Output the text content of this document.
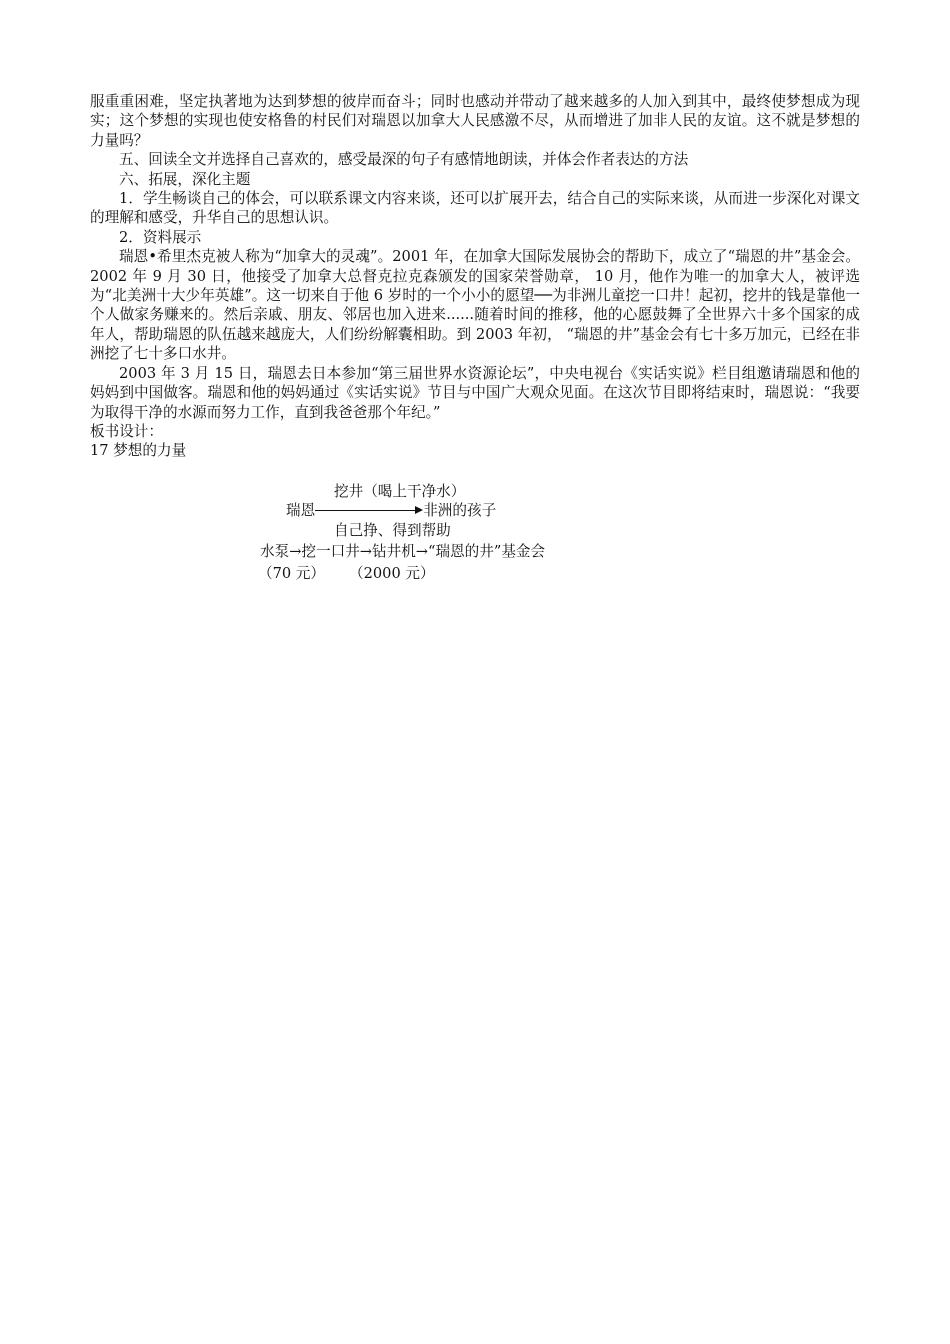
服重重困难，坚定执著地为达到梦想的彼岸而奋斗；同时也感动并带动了越来越多的人加入到其中，最终使梦想成为现实；这个梦想的实现也使安格鲁的村民们对瑞恩以加拿大人民感激不尽，从而增进了加非人民的友谊。这不就是梦想的力量吗？

五、回读全文并选择自己喜欢的，感受最深的句子有感情地朗读，并体会作者表达的方法

六、拓展，深化主题

1．学生畅谈自己的体会，可以联系课文内容来谈，还可以扩展开去，结合自己的实际来谈，从而进一步深化对课文的理解和感受，升华自己的思想认识。

2．资料展示

瑞恩•希里杰克被人称为“加拿大的灵魂”。2001 年，在加拿大国际发展协会的帮助下，成立了“瑞恩的井”基金会。2002 年 9 月 30 日，他接受了加拿大总督克拉克森颁发的国家荣誉勋章， 10 月，他作为唯一的加拿大人，被评选为“北美洲十大少年英雄”。这一切来自于他 6 岁时的一个小小的愿望──为非洲儿童挖一口井！起初，挖井的钱是靠他一个人做家务赚来的。然后亲戚、朋友、邻居也加入进来......随着时间的推移，他的心愿鼓舞了全世界六十多个国家的成年人，帮助瑞恩的队伍越来越庞大，人们纷纷解囊相助。到 2003 年初， “瑞恩的井”基金会有七十多万加元，已经在非洲挖了七十多口水井。

2003 年 3 月 15 日，瑞恩去日本参加“第三届世界水资源论坛”，中央电视台《实话实说》栏目组邀请瑞恩和他的妈妈到中国做客。瑞恩和他的妈妈通过《实话实说》节目与中国广大观众见面。在这次节目即将结束时，瑞恩说：“我要为取得干净的水源而努力工作，直到我爸爸那个年纪。”

板书设计：

17 梦想的力量

挖井（喝上干净水）
瑞恩	非洲的孩子
自己挣、得到帮助
水泵→挖一口井→钻井机→“瑞恩的井”基金会
（70 元） （2000 元）
